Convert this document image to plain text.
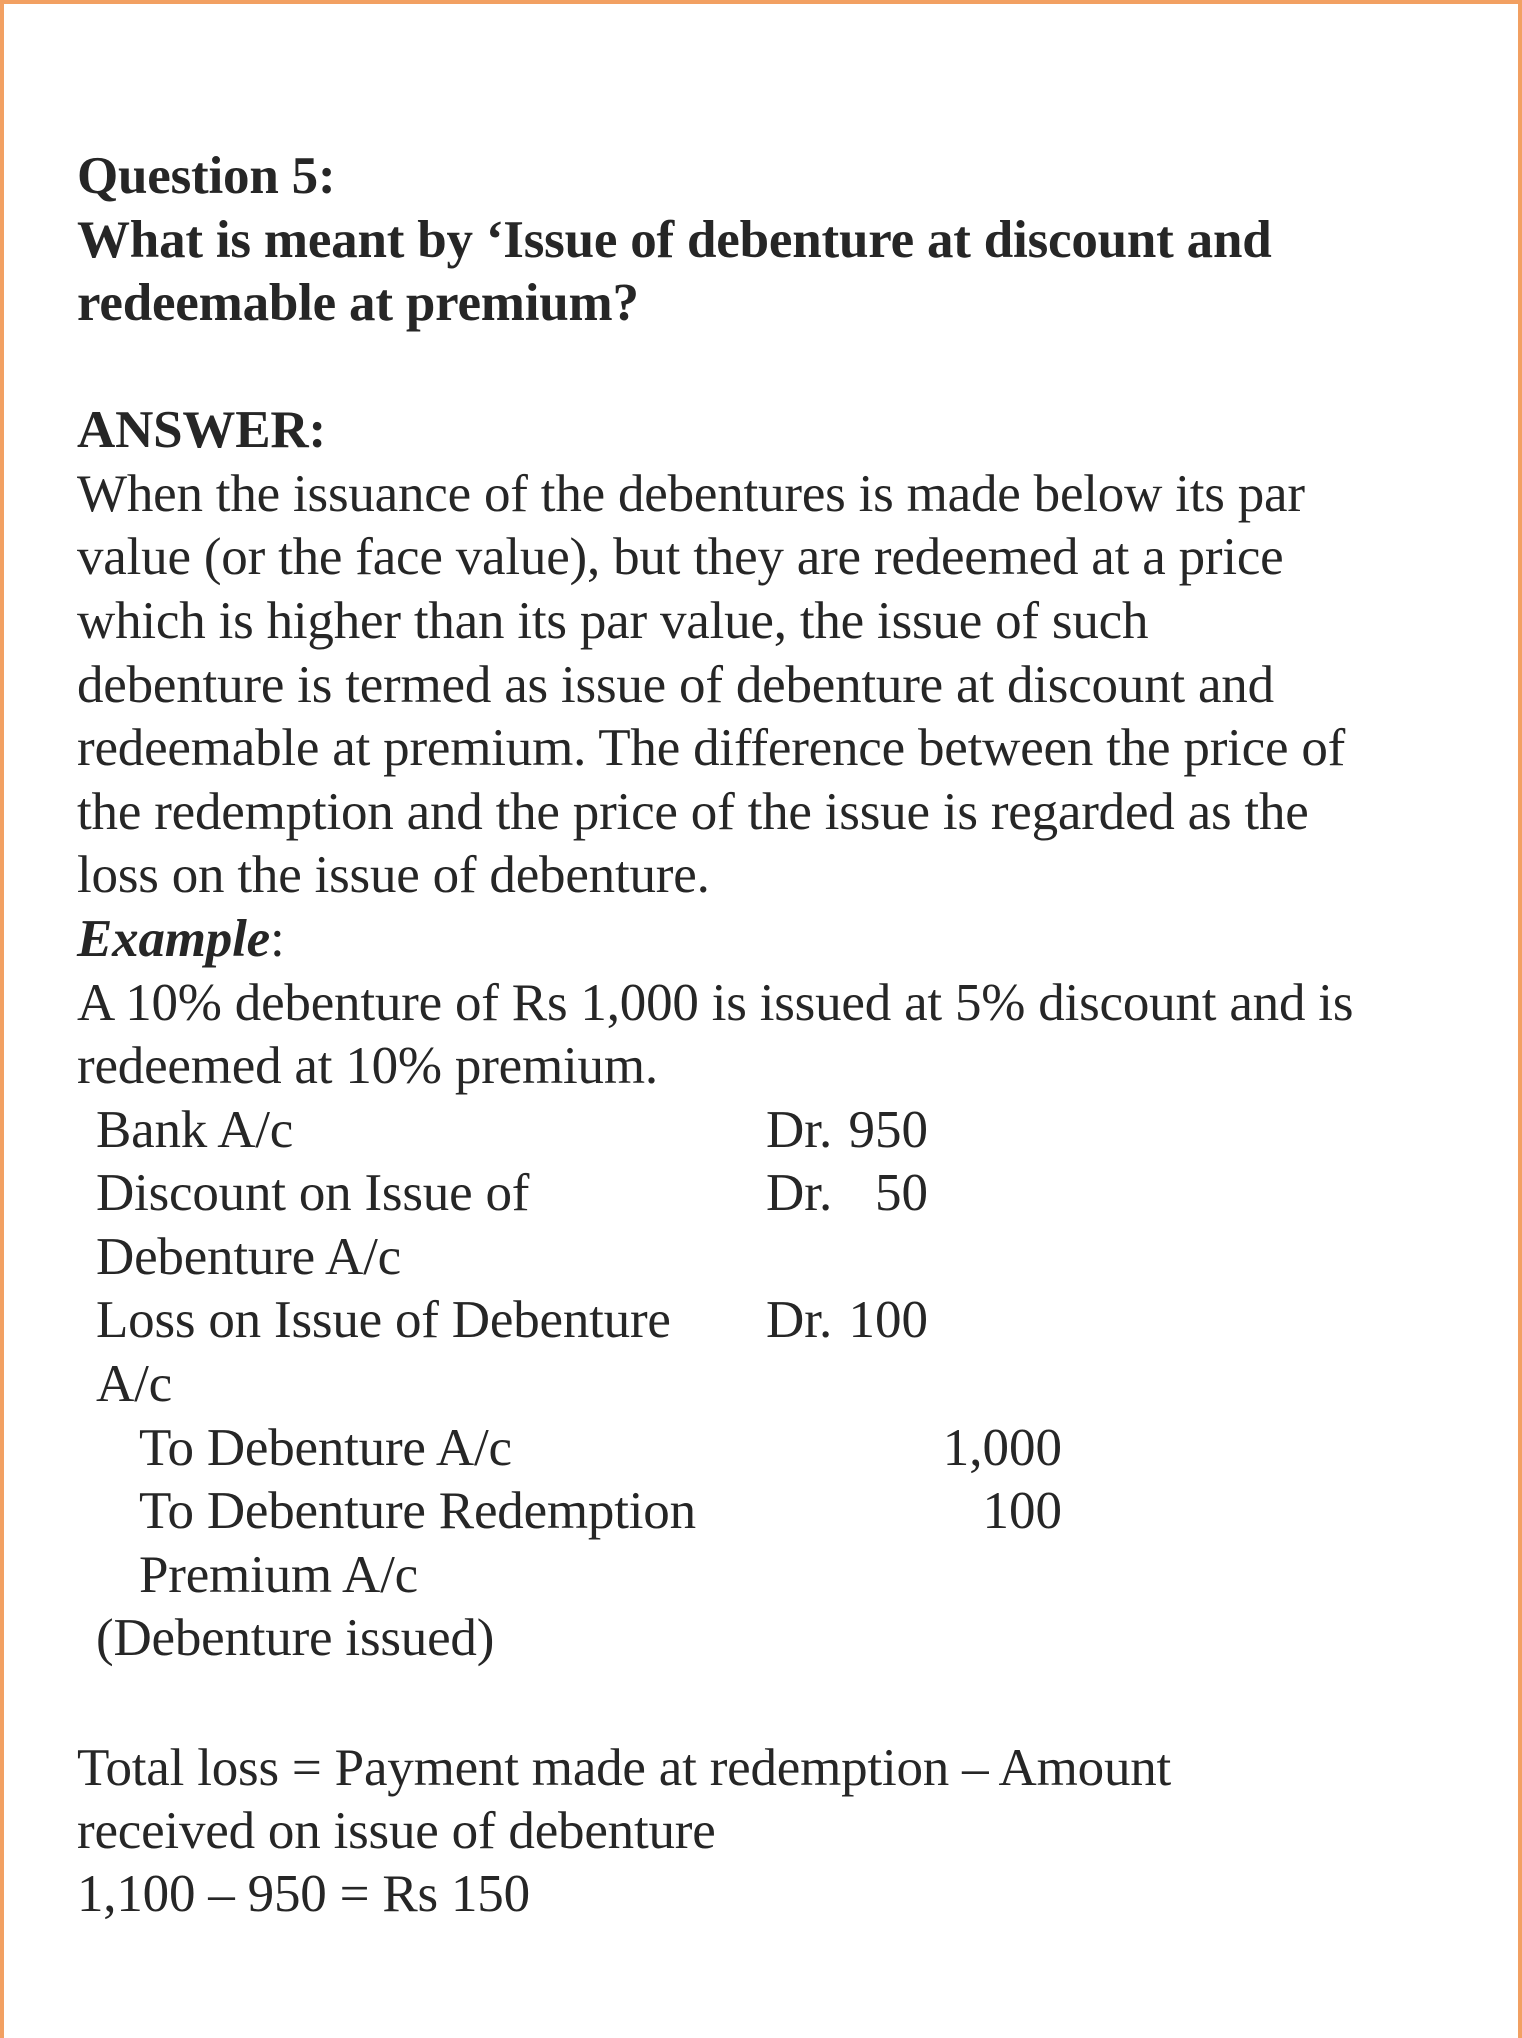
Question 5:
What is meant by ‘Issue of debenture at discount and
redeemable at premium?
ANSWER:
When the issuance of the debentures is made below its par
value (or the face value), but they are redeemed at a price
which is higher than its par value, the issue of such
debenture is termed as issue of debenture at discount and
redeemable at premium. The difference between the price of
the redemption and the price of the issue is regarded as the
loss on the issue of debenture.
Example:
A 10% debenture of Rs 1,000 is issued at 5% discount and is
redeemed at 10% premium.
Bank A/c	Dr. 950
Discount on Issue of	Dr. 50
Debenture A/c
Loss on Issue of Debenture Dr. 100
A/c
To Debenture A/c	1,000
To Debenture Redemption	100
Premium A/c
(Debenture issued)
Total loss = Payment made at redemption – Amount
received on issue of debenture
1,100 – 950 = Rs 150
